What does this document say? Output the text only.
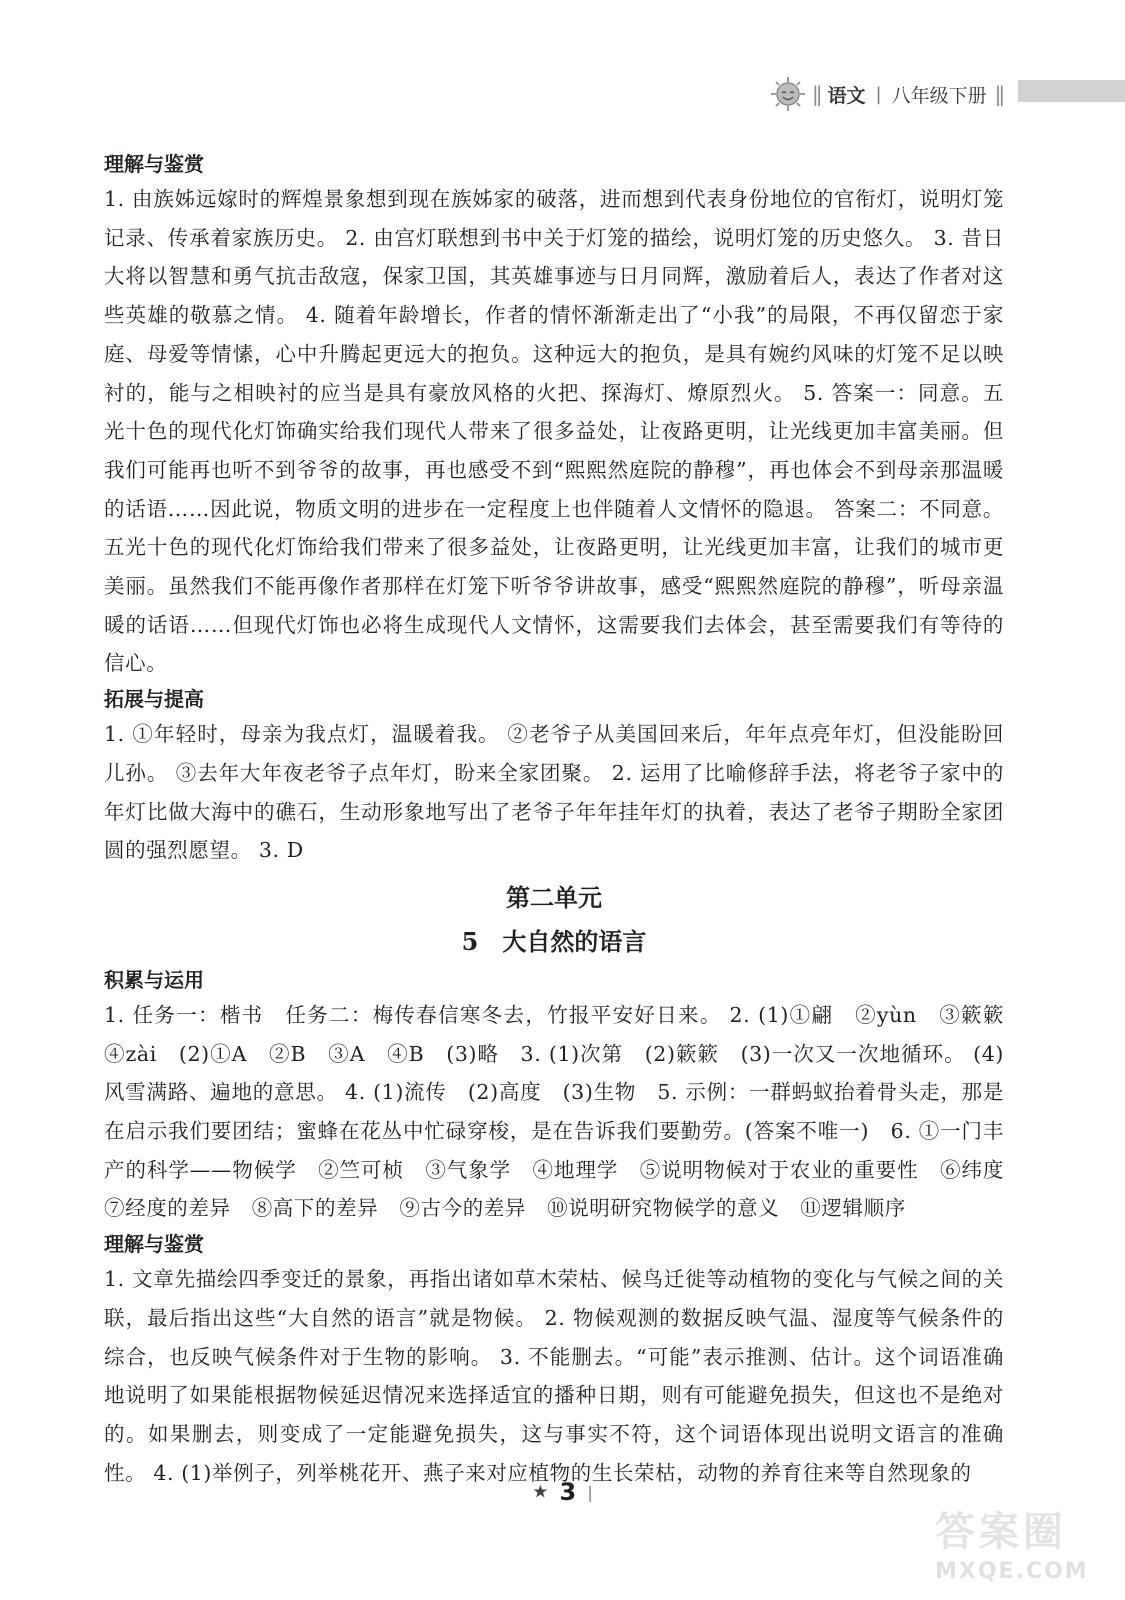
|| 语文 | 八年级下册 ||
理解与鉴赏

1. 由族姊远嫁时的辉煌景象想到现在族姊家的破落，进而想到代表身份地位的官衔灯，说明灯笼记录、传承着家族历史。 2. 由宫灯联想到书中关于灯笼的描绘，说明灯笼的历史悠久。 3. 昔日大将以智慧和勇气抗击敌寇，保家卫国，其英雄事迹与日月同辉，激励着后人，表达了作者对这些英雄的敬慕之情。 4. 随着年龄增长，作者的情怀渐渐走出了“小我”的局限，不再仅留恋于家庭、母爱等情愫，心中升腾起更远大的抱负。这种远大的抱负，是具有婉约风味的灯笼不足以映衬的，能与之相映衬的应当是具有豪放风格的火把、探海灯、燎原烈火。 5. 答案一：同意。五光十色的现代化灯饰确实给我们现代人带来了很多益处，让夜路更明，让光线更加丰富美丽。但我们可能再也听不到爷爷的故事，再也感受不到“熙熙然庭院的静穆”，再也体会不到母亲那温暖的话语……因此说，物质文明的进步在一定程度上也伴随着人文情怀的隐退。 答案二：不同意。五光十色的现代化灯饰给我们带来了很多益处，让夜路更明，让光线更加丰富，让我们的城市更美丽。虽然我们不能再像作者那样在灯笼下听爷爷讲故事，感受“熙熙然庭院的静穆”，听母亲温暖的话语……但现代灯饰也必将生成现代人文情怀，这需要我们去体会，甚至需要我们有等待的信心。

拓展与提高

1. ①年轻时，母亲为我点灯，温暖着我。 ②老爷子从美国回来后，年年点亮年灯，但没能盼回儿孙。 ③去年大年夜老爷子点年灯，盼来全家团聚。 2. 运用了比喻修辞手法，将老爷子家中的年灯比做大海中的礁石，生动形象地写出了老爷子年年挂年灯的执着，表达了老爷子期盼全家团圆的强烈愿望。 3. D

第二单元
5　大自然的语言
积累与运用

1. 任务一：楷书　任务二：梅传春信寒冬去，竹报平安好日来。 2. (1)①翩　②yùn　③簌簌　④zài　(2)①A　②B　③A　④B　(3)略　3. (1)次第　(2)簌簌　(3)一次又一次地循环。 (4)风雪满路、遍地的意思。 4. (1)流传　(2)高度　(3)生物　5. 示例：一群蚂蚁抬着骨头走，那是在启示我们要团结；蜜蜂在花丛中忙碌穿梭，是在告诉我们要勤劳。(答案不唯一)　6. ①一门丰产的科学——物候学　②竺可桢　③气象学　④地理学　⑤说明物候对于农业的重要性　⑥纬度　⑦经度的差异　⑧高下的差异　⑨古今的差异　⑩说明研究物候学的意义　⑪逻辑顺序

理解与鉴赏

1. 文章先描绘四季变迁的景象，再指出诸如草木荣枯、候鸟迁徙等动植物的变化与气候之间的关联，最后指出这些“大自然的语言”就是物候。 2. 物候观测的数据反映气温、湿度等气候条件的综合，也反映气候条件对于生物的影响。 3. 不能删去。“可能”表示推测、估计。这个词语准确地说明了如果能根据物候延迟情况来选择适宜的播种日期，则有可能避免损失，但这也不是绝对的。如果删去，则变成了一定能避免损失，这与事实不符，这个词语体现出说明文语言的准确性。 4. (1)举例子，列举桃花开、燕子来对应植物的生长荣枯，动物的养育往来等自然现象的

★ 3 |
答案圈
MXQE.COM
